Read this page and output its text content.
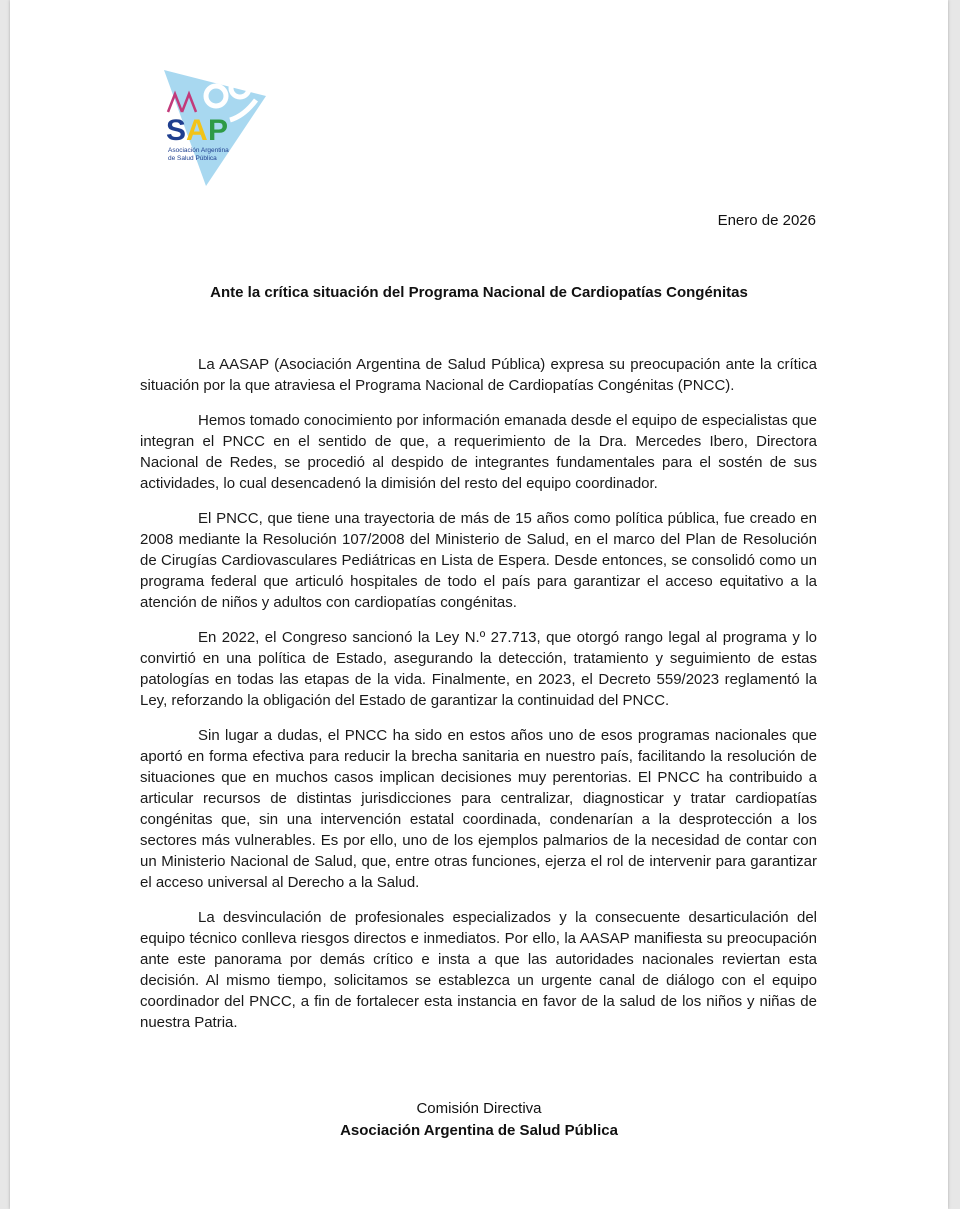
S A P
Asociación Argentina
de Salud Pública
Enero de 2026
Ante la crítica situación del Programa Nacional de Cardiopatías Congénitas

La AASAP (Asociación Argentina de Salud Pública) expresa su preocupación ante la crítica situación por la que atraviesa el Programa Nacional de Cardiopatías Congénitas (PNCC).

Hemos tomado conocimiento por información emanada desde el equipo de especialistas que integran el PNCC en el sentido de que, a requerimiento de la Dra. Mercedes Ibero, Directora Nacional de Redes, se procedió al despido de integrantes fundamentales para el sostén de sus actividades, lo cual desencadenó la dimisión del resto del equipo coordinador.

El PNCC, que tiene una trayectoria de más de 15 años como política pública, fue creado en 2008 mediante la Resolución 107/2008 del Ministerio de Salud, en el marco del Plan de Resolución de Cirugías Cardiovasculares Pediátricas en Lista de Espera. Desde entonces, se consolidó como un programa federal que articuló hospitales de todo el país para garantizar el acceso equitativo a la atención de niños y adultos con cardiopatías congénitas.

En 2022, el Congreso sancionó la Ley N.º 27.713, que otorgó rango legal al programa y lo convirtió en una política de Estado, asegurando la detección, tratamiento y seguimiento de estas patologías en todas las etapas de la vida. Finalmente, en 2023, el Decreto 559/2023 reglamentó la Ley, reforzando la obligación del Estado de garantizar la continuidad del PNCC.

Sin lugar a dudas, el PNCC ha sido en estos años uno de esos programas nacionales que aportó en forma efectiva para reducir la brecha sanitaria en nuestro país, facilitando la resolución de situaciones que en muchos casos implican decisiones muy perentorias. El PNCC ha contribuido a articular recursos de distintas jurisdicciones para centralizar, diagnosticar y tratar cardiopatías congénitas que, sin una intervención estatal coordinada, condenarían a la desprotección a los sectores más vulnerables. Es por ello, uno de los ejemplos palmarios de la necesidad de contar con un Ministerio Nacional de Salud, que, entre otras funciones, ejerza el rol de intervenir para garantizar el acceso universal al Derecho a la Salud.

La desvinculación de profesionales especializados y la consecuente desarticulación del equipo técnico conlleva riesgos directos e inmediatos. Por ello, la AASAP manifiesta su preocupación ante este panorama por demás crítico e insta a que las autoridades nacionales reviertan esta decisión. Al mismo tiempo, solicitamos se establezca un urgente canal de diálogo con el equipo coordinador del PNCC, a fin de fortalecer esta instancia en favor de la salud de los niños y niñas de nuestra Patria.

Comisión Directiva
Asociación Argentina de Salud Pública
